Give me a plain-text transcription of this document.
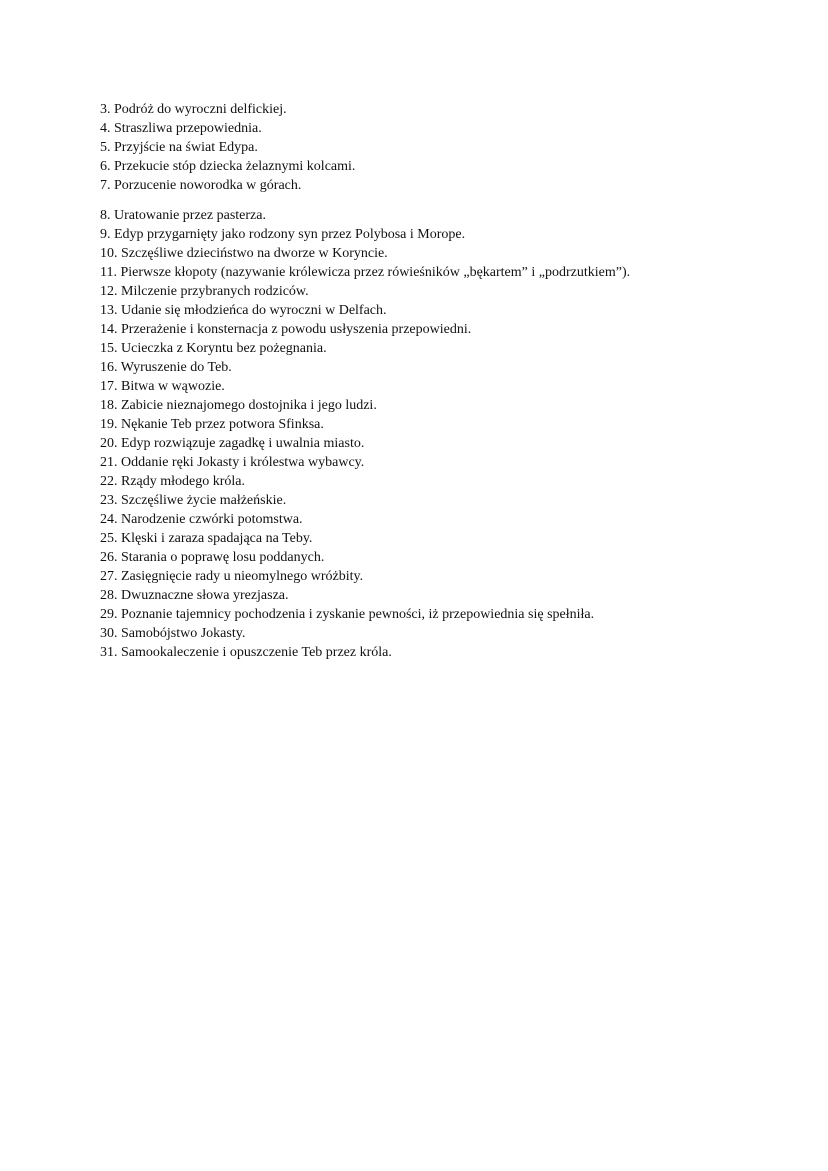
3. Podróż do wyroczni delfickiej.
4. Straszliwa przepowiednia.
5. Przyjście na świat Edypa.
6. Przekucie stóp dziecka żelaznymi kolcami.
7. Porzucenie noworodka w górach.
8. Uratowanie przez pasterza.
9. Edyp przygarnięty jako rodzony syn przez Polybosa i Morope.
10. Szczęśliwe dzieciństwo na dworze w Koryncie.
11. Pierwsze kłopoty (nazywanie królewicza przez rówieśników „bękartem” i „podrzutkiem”).
12. Milczenie przybranych rodziców.
13. Udanie się młodzieńca do wyroczni w Delfach.
14. Przerażenie i konsternacja z powodu usłyszenia przepowiedni.
15. Ucieczka z Koryntu bez pożegnania.
16. Wyruszenie do Teb.
17. Bitwa w wąwozie.
18. Zabicie nieznajomego dostojnika i jego ludzi.
19. Nękanie Teb przez potwora Sfinksa.
20. Edyp rozwiązuje zagadkę i uwalnia miasto.
21. Oddanie ręki Jokasty i królestwa wybawcy.
22. Rządy młodego króla.
23. Szczęśliwe życie małżeńskie.
24. Narodzenie czwórki potomstwa.
25. Klęski i zaraza spadająca na Teby.
26. Starania o poprawę losu poddanych.
27. Zasięgnięcie rady u nieomylnego wróżbity.
28. Dwuznaczne słowa yrezjasza.
29. Poznanie tajemnicy pochodzenia i zyskanie pewności, iż przepowiednia się spełniła.
30. Samobójstwo Jokasty.
31. Samookaleczenie i opuszczenie Teb przez króla.
